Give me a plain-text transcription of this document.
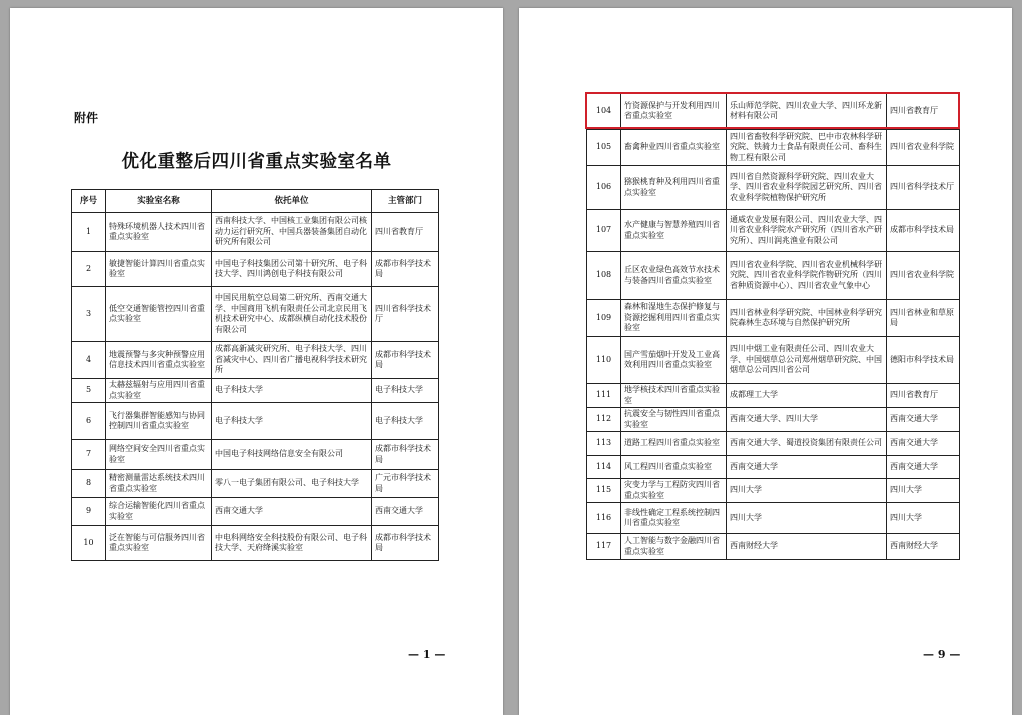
附件
优化重整后四川省重点实验室名单
序号	实验室名称	依托单位	主管部门
1	特殊环境机器人技术四川省重点实验室	西南科技大学、中国核工业集团有限公司核动力运行研究所、中国兵器装备集团自动化研究所有限公司	四川省教育厅
2	敏捷智能计算四川省重点实验室	中国电子科技集团公司第十研究所、电子科技大学、四川鸿创电子科技有限公司	成都市科学技术局
3	低空交通智能管控四川省重点实验室	中国民用航空总局第二研究所、西南交通大学、中国商用飞机有限责任公司北京民用飞机技术研究中心、成都纵横自动化技术股份有限公司	四川省科学技术厅
4	地震预警与多灾种预警应用信息技术四川省重点实验室	成都高新减灾研究所、电子科技大学、四川省减灾中心、四川省广播电视科学技术研究所	成都市科学技术局
5	太赫兹辐射与应用四川省重点实验室	电子科技大学	电子科技大学
6	飞行器集群智能感知与协同控制四川省重点实验室	电子科技大学	电子科技大学
7	网络空间安全四川省重点实验室	中国电子科技网络信息安全有限公司	成都市科学技术局
8	精密测量雷达系统技术四川省重点实验室	零八一电子集团有限公司、电子科技大学	广元市科学技术局
9	综合运输智能化四川省重点实验室	西南交通大学	西南交通大学
10	泛在智能与可信服务四川省重点实验室	中电科网络安全科技股份有限公司、电子科技大学、天府绛溪实验室	成都市科学技术局
— 1 —
104	竹资源保护与开发利用四川省重点实验室	乐山师范学院、四川农业大学、四川环龙新材料有限公司	四川省教育厅
105	畜禽种业四川省重点实验室	四川省畜牧科学研究院、巴中市农林科学研究院、铁骑力士食品有限责任公司、畜科生物工程有限公司	四川省农业科学院
106	猕猴桃育种及利用四川省重点实验室	四川省自然资源科学研究院、四川农业大学、四川省农业科学院园艺研究所、四川省农业科学院植物保护研究所	四川省科学技术厅
107	水产健康与智慧养殖四川省重点实验室	通威农业发展有限公司、四川农业大学、四川省农业科学院水产研究所（四川省水产研究所）、四川润兆渔业有限公司	成都市科学技术局
108	丘区农业绿色高效节水技术与装备四川省重点实验室	四川省农业科学院、四川省农业机械科学研究院、四川省农业科学院作物研究所（四川省种质资源中心）、四川省农业气象中心	四川省农业科学院
109	森林和湿地生态保护修复与资源挖掘利用四川省重点实验室	四川省林业科学研究院、中国林业科学研究院森林生态环境与自然保护研究所	四川省林业和草原局
110	国产雪茄烟叶开发及工业高效利用四川省重点实验室	四川中烟工业有限责任公司、四川农业大学、中国烟草总公司郑州烟草研究院、中国烟草总公司四川省公司	德阳市科学技术局
111	地学核技术四川省重点实验室	成都理工大学	四川省教育厅
112	抗震安全与韧性四川省重点实验室	西南交通大学、四川大学	西南交通大学
113	道路工程四川省重点实验室	西南交通大学、蜀道投资集团有限责任公司	西南交通大学
114	风工程四川省重点实验室	西南交通大学	西南交通大学
115	灾变力学与工程防灾四川省重点实验室	四川大学	四川大学
116	非线性确定工程系统控制四川省重点实验室	四川大学	四川大学
117	人工智能与数字金融四川省重点实验室	西南财经大学	西南财经大学
— 9 —
